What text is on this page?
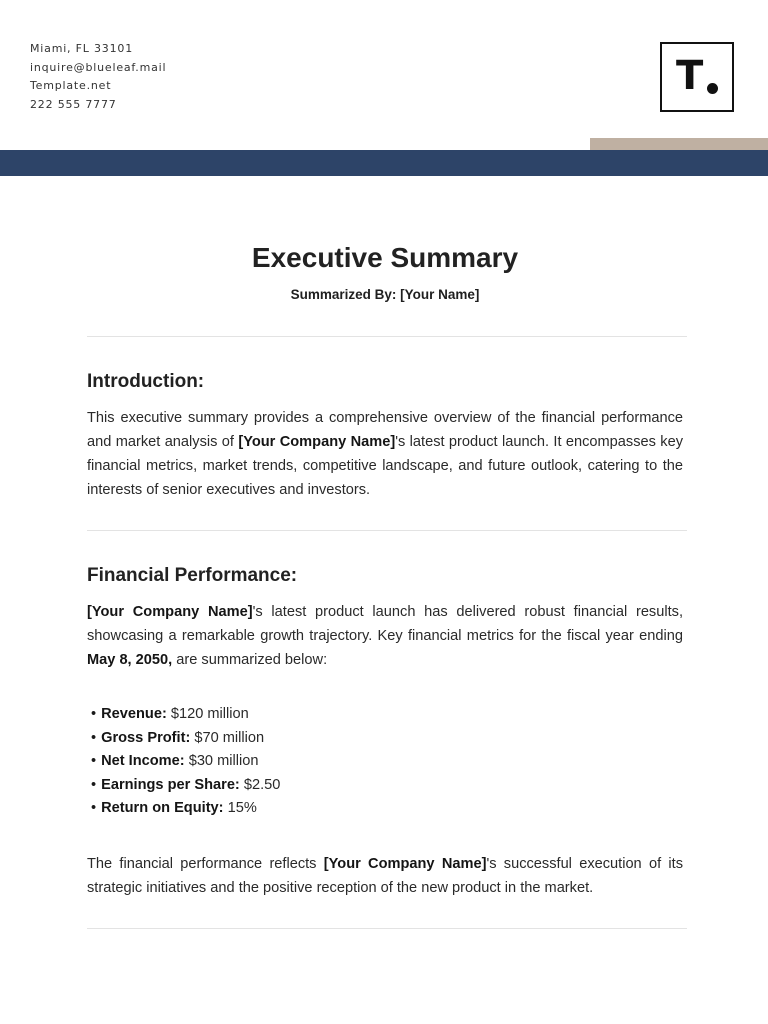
Miami, FL 33101
inquire@blueleaf.mail
Template.net
222 555 7777
T
Executive Summary
Summarized By: [Your Name]
Introduction:

This executive summary provides a comprehensive overview of the financial performance and market analysis of [Your Company Name]'s latest product launch. It encompasses key financial metrics, market trends, competitive landscape, and future outlook, catering to the interests of senior executives and investors.

Financial Performance:

[Your Company Name]'s latest product launch has delivered robust financial results, showcasing a remarkable growth trajectory. Key financial metrics for the fiscal year ending May 8, 2050, are summarized below:

• Revenue: $120 million
• Gross Profit: $70 million
• Net Income: $30 million
• Earnings per Share: $2.50
• Return on Equity: 15%

The financial performance reflects [Your Company Name]'s successful execution of its strategic initiatives and the positive reception of the new product in the market.
